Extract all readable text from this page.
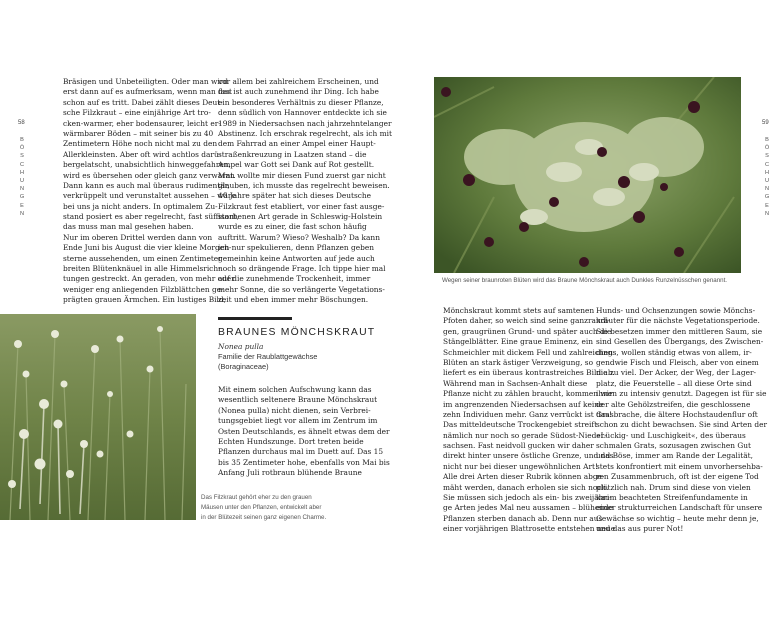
58
B
Ö
S
C
H
U
N
G
E
N
Bräsigen und Unbeteiligten. Oder man wird
erst dann auf es aufmerksam, wenn man fast
schon auf es tritt. Dabei zählt dieses Deut-
sche Filzkraut – eine einjährige Art tro-
cken-warmer, eher bodensaurer, leicht er-
wärmbarer Böden – mit seiner bis zu 40
Zentimetern Höhe noch nicht mal zu den
Allerkleinsten. Aber oft wird achtlos darü-
bergelatscht, unabsichtlich hinweggefahren,
wird es übersehen oder gleich ganz verwarnt.
Dann kann es auch mal überaus rudimentär,
verkrüppelt und verunstaltet aussehen – wäre
bei uns ja nicht anders. In optimalem Zu-
stand posiert es aber regelrecht, fast süffisant,
das muss man mal gesehen haben.
Nur im oberen Drittel werden dann von
Ende Juni bis August die vier kleine Morgen-
sterne aussehenden, um einen Zentimeter
breiten Blütenknäuel in alle Himmelsrich-
tungen gestreckt. An geraden, von mehr oder
weniger eng anliegenden Filzblättchen ge-
prägten grauen Ärmchen. Ein lustiges Bild,
vor allem bei zahlreichem Erscheinen, und
das ist auch zunehmend ihr Ding. Ich habe
ein besonderes Verhältnis zu dieser Pflanze,
denn südlich von Hannover entdeckte ich sie
1989 in Niedersachsen nach jahrzehntelanger
Abstinenz. Ich erschrak regelrecht, als ich mit
dem Fahrrad an einer Ampel einer Haupt-
straßenkreuzung in Laatzen stand – die
Ampel war Gott sei Dank auf Rot gestellt.
Man wollte mir diesen Fund zuerst gar nicht
glauben, ich musste das regelrecht beweisen.
40 Jahre später hat sich dieses Deutsche
Filzkraut fest etabliert, vor einer fast ausge-
storbenen Art gerade in Schleswig-Holstein
wurde es zu einer, die fast schon häufig
auftritt. Warum? Wieso? Weshalb? Da kann
ich nur spekulieren, denn Pflanzen geben
gemeinhin keine Antworten auf jede auch
noch so drängende Frage. Ich tippe hier mal
auf die zunehmende Trockenheit, immer
mehr Sonne, die so verlängerte Vegetations-
zeit und eben immer mehr Böschungen.
Das Filzkraut gehört eher zu den grauen
Mäusen unter den Pflanzen, entwickelt aber
in der Blütezeit seinen ganz eigenen Charme.
BRAUNES MÖNCHSKRAUT
Nonea pulla
Familie der Raublattgewächse
(Boraginaceae)
Mit einem solchen Aufschwung kann das
wesentlich seltenere Braune Mönchskraut
(Nonea pulla) nicht dienen, sein Verbrei-
tungsgebiet liegt vor allem im Zentrum im
Osten Deutschlands, es ähnelt etwas dem der
Echten Hundszunge. Dort treten beide
Pflanzen durchaus mal im Duett auf. Das 15
bis 35 Zentimeter hohe, ebenfalls von Mai bis
Anfang Juli rotbraun blühende Braune
59
B
Ö
S
C
H
U
N
G
E
N
Wegen seiner braunroten Blüten wird das Braune Mönchskraut auch Dunkles Runzelnüsschen genannt.
Mönchskraut kommt stets auf samtenen
Pfoten daher, so weich sind seine ganzrandi-
gen, graugrünen Grund- und später auch die
Stängelblätter. Eine graue Eminenz, ein
Schmeichler mit dickem Fell und zahlreichen
Blüten an stark ästiger Verzweigung, so
liefert es ein überaus kontrastreiches Bild ab.
Während man in Sachsen-Anhalt diese
Pflanze nicht zu zählen braucht, kommen wir
im angrenzenden Niedersachsen auf keine
zehn Individuen mehr. Ganz verrückt ist das!
Das mitteldeutsche Trockengebiet streift
nämlich nur noch so gerade Südost-Nieder-
sachsen. Fast neidvoll gucken wir daher
direkt hinter unsere östliche Grenze, und das
nicht nur bei dieser ungewöhnlichen Art!
Alle drei Arten dieser Rubrik können abge-
mäht werden, danach erholen sie sich noch.
Sie müssen sich jedoch als ein- bis zweijähri-
ge Arten jedes Mal neu aussamen – blühende
Pflanzen sterben danach ab. Denn nur aus
einer vorjährigen Blattrosette entstehen neue
Hunds- und Ochsenzungen sowie Mönchs-
kräuter für die nächste Vegetationsperiode.
Sie besetzen immer den mittleren Saum, sie
sind Gesellen des Übergangs, des Zwischen-
dings, wollen ständig etwas von allem, ir-
gendwie Fisch und Fleisch, aber von einem
nie zu viel. Der Acker, der Weg, der Lager-
platz, die Feuerstelle – all diese Orte sind
ihnen zu intensiv genutzt. Dagegen ist für sie
der alte Gehölzstreifen, die geschlossene
Grasbrache, die ältere Hochstaudenflur oft
schon zu dicht bewachsen. Sie sind Arten der
»Lückig- und Luschigkeit«, des überaus
schmalen Grats, sozusagen zwischen Gut
und Böse, immer am Rande der Legalität,
stets konfrontiert mit einem unvorhersehba-
ren Zusammenbruch, oft ist der eigene Tod
plötzlich nah. Drum sind diese von vielen
kaum beachteten Streifenfundamente in
einer strukturreichen Landschaft für unsere
Gewächse so wichtig – heute mehr denn je,
und das aus purer Not!
